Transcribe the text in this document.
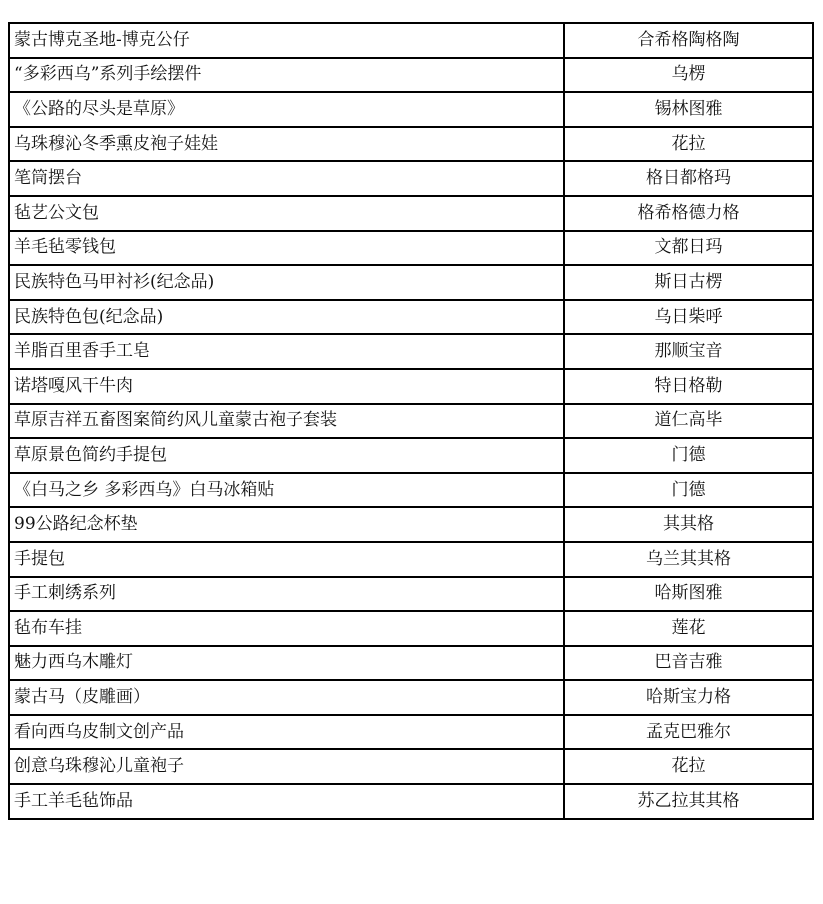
蒙古博克圣地-博克公仔	合希格陶格陶
“多彩西乌”系列手绘摆件	乌楞
《公路的尽头是草原》	锡林图雅
乌珠穆沁冬季熏皮袍子娃娃	花拉
笔筒摆台	格日都格玛
毡艺公文包	格希格德力格
羊毛毡零钱包	文都日玛
民族特色马甲衬衫(纪念品)	斯日古楞
民族特色包(纪念品)	乌日柴呼
羊脂百里香手工皂	那顺宝音
诺塔嘎风干牛肉	特日格勒
草原吉祥五畜图案简约风儿童蒙古袍子套装	道仁高毕
草原景色简约手提包	门德
《白马之乡 多彩西乌》白马冰箱贴	门德
99公路纪念杯垫	其其格
手提包	乌兰其其格
手工刺绣系列	哈斯图雅
毡布车挂	莲花
魅力西乌木雕灯	巴音吉雅
蒙古马（皮雕画）	哈斯宝力格
看向西乌皮制文创产品	孟克巴雅尔
创意乌珠穆沁儿童袍子	花拉
手工羊毛毡饰品	苏乙拉其其格
